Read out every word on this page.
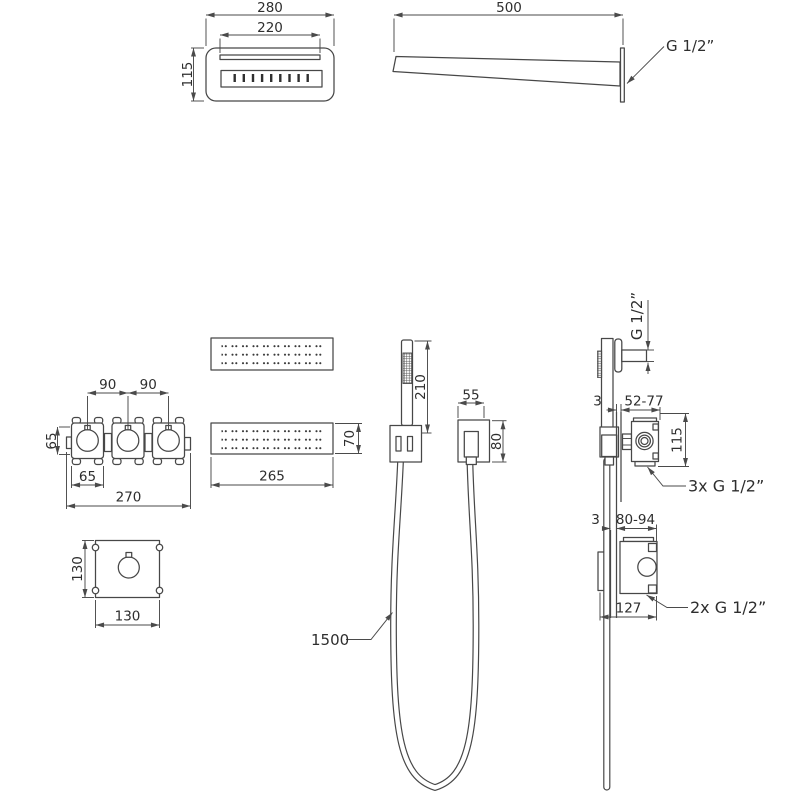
280
220
115
500
G 1/2”
90 90
65
65
270
70
265
1500
210 55
80
130
130
G 1/2”
3 52-77
115
3x G 1/2”
3 80-94
127	2x G 1/2”
